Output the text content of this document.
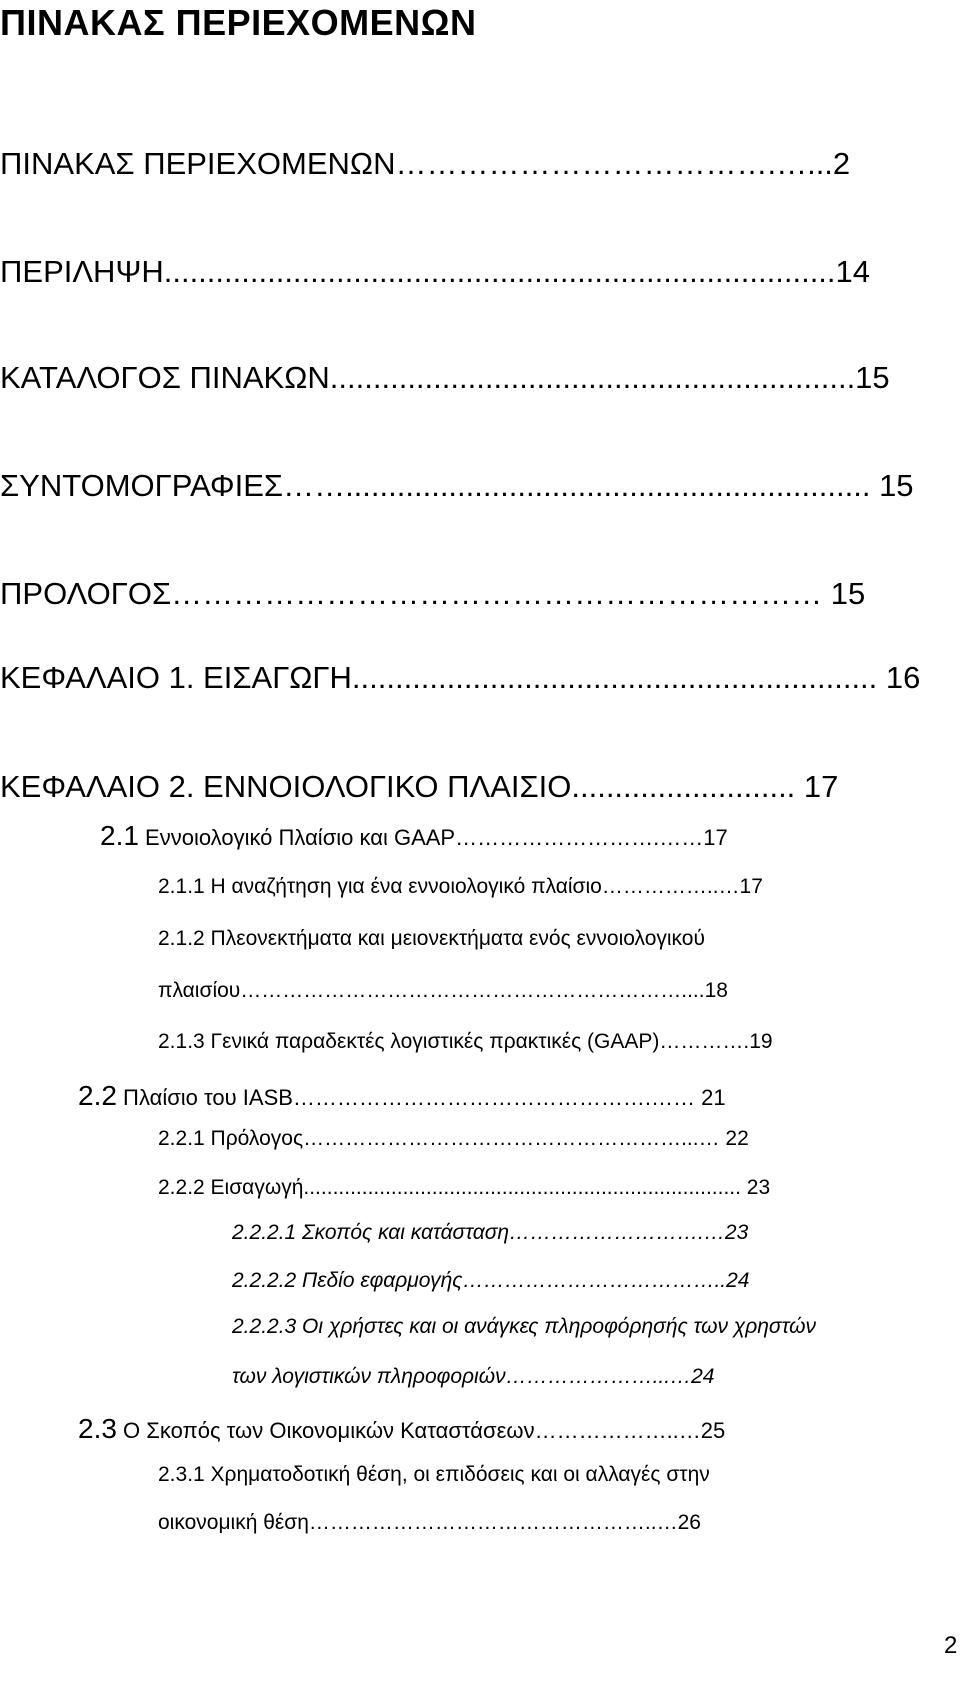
ΠΙΝΑΚΑΣ ΠΕΡΙΕΧΟΜΕΝΩΝ
ΠΙΝΑΚΑΣ ΠΕΡΙΕΧΟΜΕΝΩΝ……………………………….…...2
ΠΕΡΙΛΗΨΗ..............................................................................14
ΚΑΤΑΛΟΓΟΣ ΠΙΝΑΚΩΝ.............................................................15
ΣΥΝΤΟΜΟΓΡΑΦΙΕΣ……............................................................. 15
ΠΡΟΛΟΓΟΣ……………………………………………………… 15
ΚΕΦΑΛΑΙΟ 1. ΕΙΣΑΓΩΓΗ............................................................. 16
ΚΕΦΑΛΑΙΟ 2. ΕΝΝΟΙΟΛΟΓΙΚΟ ΠΛΑΙΣΙΟ.......................... 17
2.1 Εννοιολογικό Πλαίσιο και GAAP……………………….……17
2.1.1 Η αναζήτηση για ένα εννοιολογικό πλαίσιο……………..…17
2.1.2 Πλεονεκτήματα και μειονεκτήματα ενός εννοιολογικού
πλαισίου………………………………………………………....18
2.1.3 Γενικά παραδεκτές λογιστικές πρακτικές (GAAP)………….19
2.2 Πλαίσιο του IASB………………………………………….…… 21
2.2.1 Πρόλογος………………………………………………...… 22
2.2.2 Εισαγωγή........................................................................... 23
2.2.2.1 Σκοπός και κατάσταση……………………….…23
2.2.2.2 Πεδίο εφαρμογής………………………………..24
2.2.2.3 Οι χρήστες και οι ανάγκες πληροφόρησής των χρηστών
των λογιστικών πληροφοριών…………………...…24
2.3 Ο Σκοπός των Οικονομικών Καταστάσεων………………..…25
2.3.1 Χρηματοδοτική θέση, οι επιδόσεις και οι αλλαγές στην
οικονομική θέση…………………………………………..…26
2
